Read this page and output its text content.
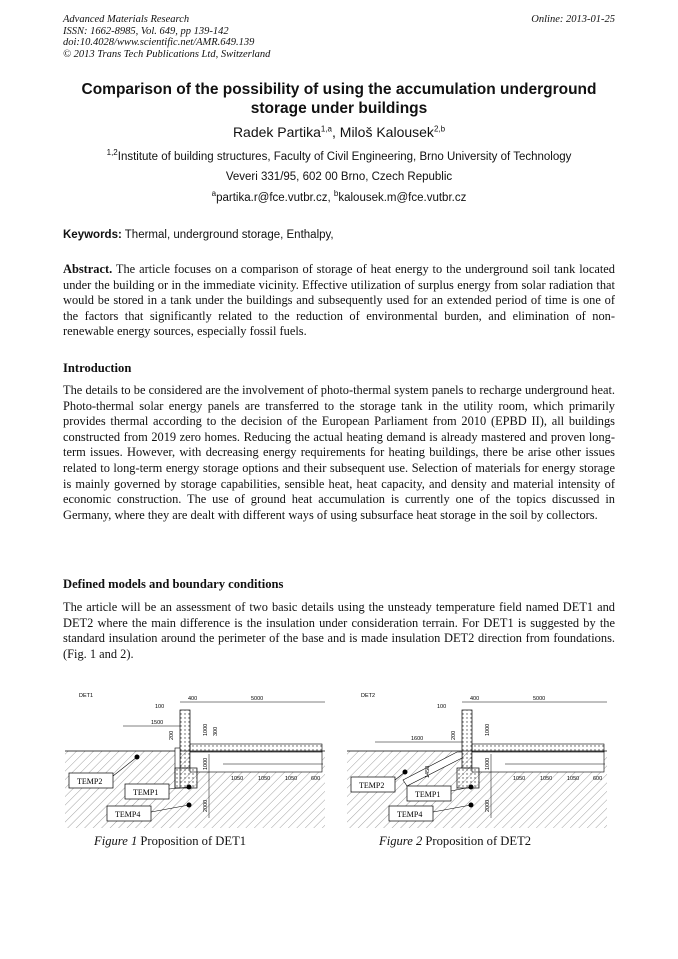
Advanced Materials Research
ISSN: 1662-8985, Vol. 649, pp 139-142
doi:10.4028/www.scientific.net/AMR.649.139
© 2013 Trans Tech Publications Ltd, Switzerland
Online: 2013-01-25
Comparison of the possibility of using the accumulation underground
storage under buildings
Radek Partika$^{1,a}$, Miloš Kalousek$^{2,b}$
$^{1,2}$Institute of building structures, Faculty of Civil Engineering, Brno University of Technology
Veveri 331/95, 602 00 Brno, Czech Republic
$^a$partika.r@fce.vutbr.cz, $^b$kalousek.m@fce.vutbr.cz
Keywords: Thermal, underground storage, Enthalpy,
Abstract. The article focuses on a comparison of storage of heat energy to the underground soil tank located under the building or in the immediate vicinity. Effective utilization of surplus energy from solar radiation that would be stored in a tank under the buildings and subsequently used for an extended period of time is one of the factors that significantly related to the reduction of environmental burden, and elimination of non-renewable energy sources, especially fossil fuels.
Introduction
The details to be considered are the involvement of photo-thermal system panels to recharge underground heat. Photo-thermal solar energy panels are transferred to the storage tank in the utility room, which primarily provides thermal according to the decision of the European Parliament from 2010 (EPBD II), all buildings constructed from 2019 zero homes. Reducing the actual heating demand is already mastered and proven long-term issues. However, with decreasing energy requirements for heating buildings, there be arise other issues related to long-term energy storage options and their subsequent use. Selection of materials for energy storage is mainly governed by storage capabilities, sensible heat, heat capacity, and density and material intensity of economic construction. The use of ground heat accumulation is currently one of the topics discussed in Germany, where they are dealt with different ways of using subsurface heat storage in the soil by collectors.
Defined models and boundary conditions
The article will be an assessment of two basic details using the unsteady temperature field named DET1 and DET2 where the main difference is the insulation under consideration terrain. For DET1 is suggested by the standard insulation around the perimeter of the base and is made insulation DET2 direction from foundations. (Fig. 1 and 2).
DET1	400
100
5000
1500
200	1000 300
1000
1050	1050	1050	600
2000
TEMP2
TEMP1
TEMP4
DET2	400
100
5000
1600	200	1000
1450
1000
1050	1050	1050	600
2000
TEMP2
TEMP1
TEMP4
Figure 1 Proposition of DET1	Figure 2 Proposition of DET2
